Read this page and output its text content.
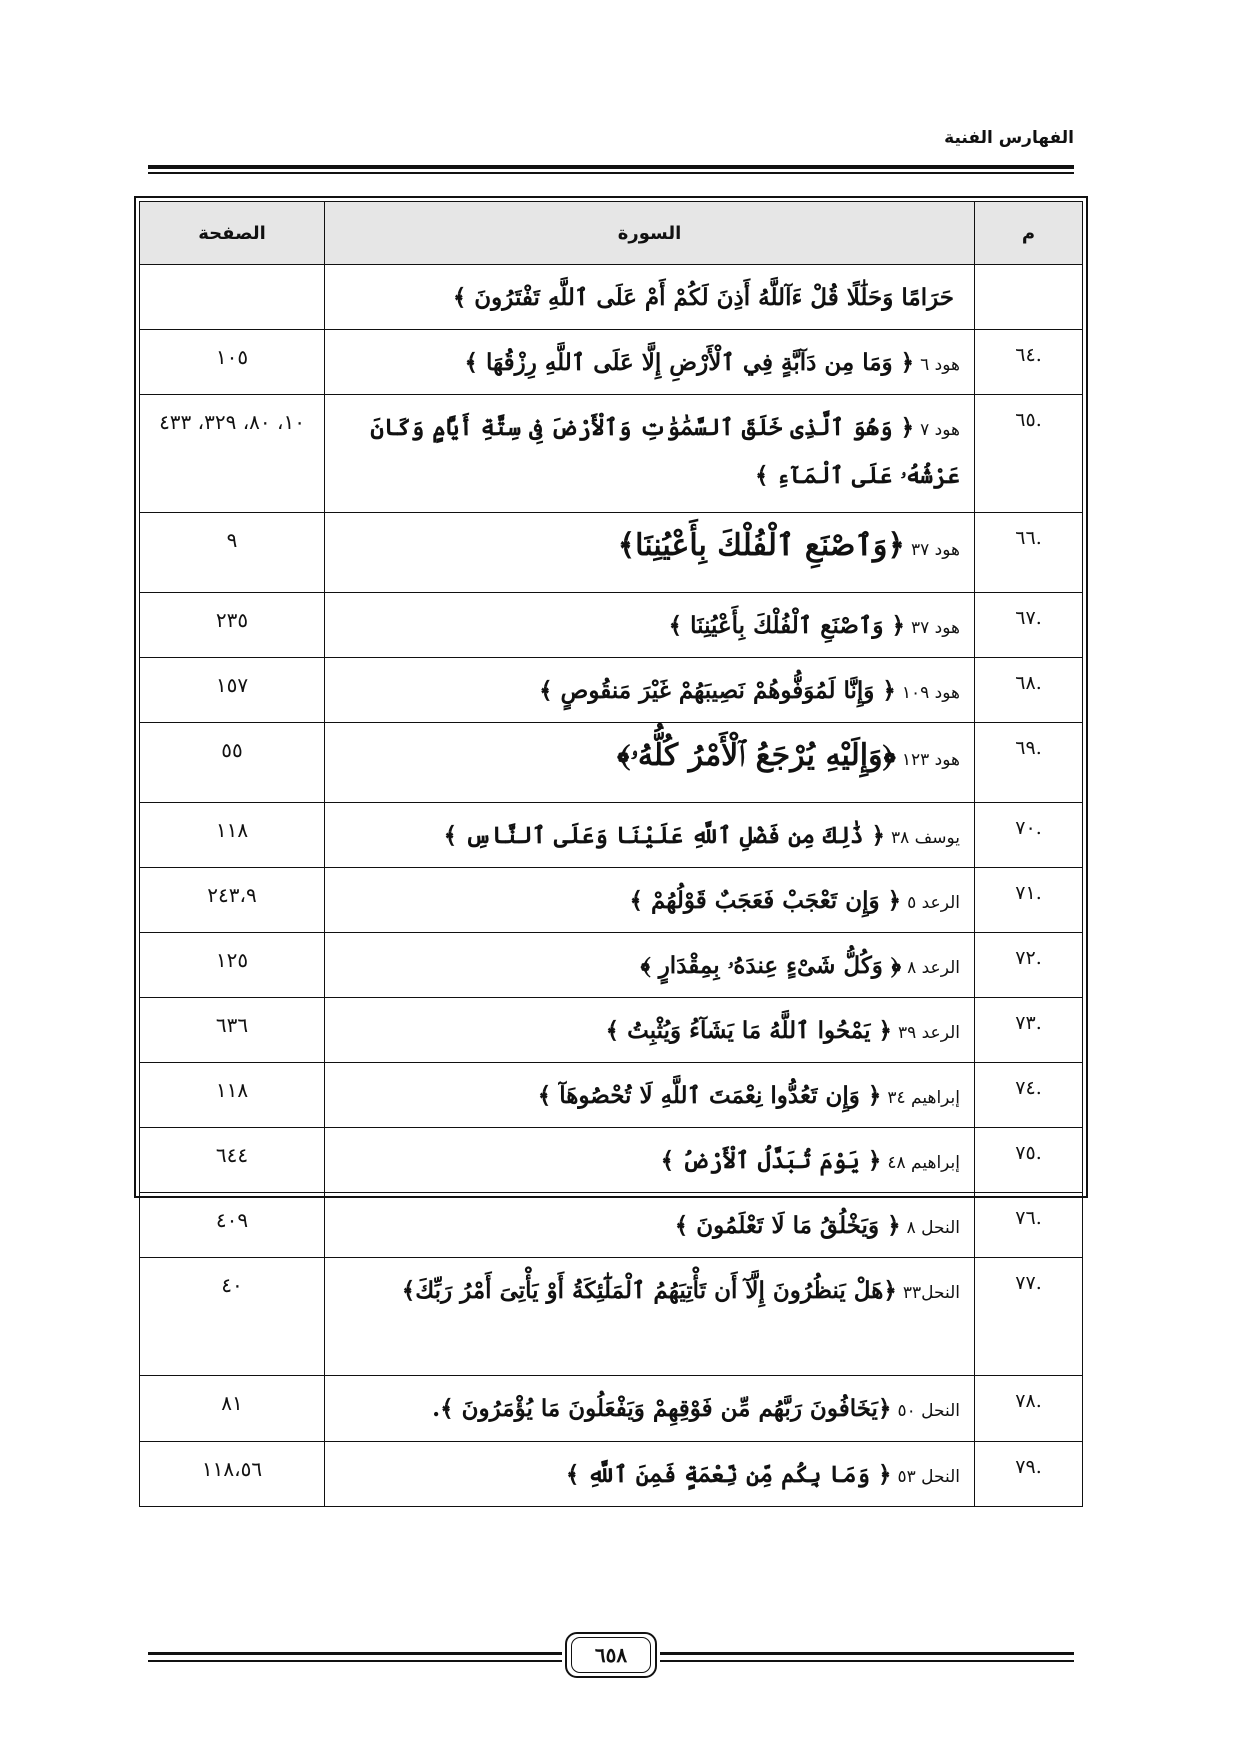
الفهارس الفنية
م	السورة	الصفحة
	حَرَامًا وَحَلَٰلًا قُلْ ءَآللَّهُ أَذِنَ لَكُمْ أَمْ عَلَى ٱللَّهِ تَفْتَرُونَ ﴾	
.٦٤	هود ٦﴿ وَمَا مِن دَآبَّةٍ فِي ٱلْأَرْضِ إِلَّا عَلَى ٱللَّهِ رِزْقُهَا ﴾	١٠٥
.٦٥	هود ٧﴿ وَهُوَ ٱلَّذِى خَلَقَ ٱلسَّمَٰوَٰتِ وَٱلْأَرْضَ فِى سِتَّةِ أَيَّامٍ وَكَانَ عَرْشُهُۥ عَلَى ٱلْمَآءِ ﴾	١٠، ٨٠، ٣٢٩، ٤٣٣
.٦٦	هود ٣٧﴿وَٱصْنَعِ ٱلْفُلْكَ بِأَعْيُنِنَا﴾	٩
.٦٧	هود ٣٧﴿ وَٱصْنَعِ ٱلْفُلْكَ بِأَعْيُنِنَا ﴾	٢٣٥
.٦٨	هود ١٠٩﴿ وَإِنَّا لَمُوَفُّوهُمْ نَصِيبَهُمْ غَيْرَ مَنقُوصٍ ﴾	١٥٧
.٦٩	هود ١٢٣﴿وَإِلَيْهِ يُرْجَعُ ٱلْأَمْرُ كُلُّهُۥ﴾	٥٥
.٧٠	يوسف ٣٨﴿ ذَٰلِكَ مِن فَضْلِ ٱللَّهِ عَلَيْنَا وَعَلَى ٱلنَّاسِ ﴾	١١٨
.٧١	الرعد ٥﴿ وَإِن تَعْجَبْ فَعَجَبٌ قَوْلُهُمْ ﴾	٢٤٣،٩
.٧٢	الرعد ٨﴿ وَكُلُّ شَىْءٍ عِندَهُۥ بِمِقْدَارٍ ﴾	١٢٥
.٧٣	الرعد ٣٩﴿ يَمْحُوا ٱللَّهُ مَا يَشَآءُ وَيُثْبِتُ ﴾	٦٣٦
.٧٤	إبراهيم ٣٤﴿ وَإِن تَعُدُّوا نِعْمَتَ ٱللَّهِ لَا تُحْصُوهَآ ﴾	١١٨
.٧٥	إبراهيم ٤٨﴿ يَوْمَ تُبَدَّلُ ٱلْأَرْضُ ﴾	٦٤٤
.٧٦	النحل ٨﴿ وَيَخْلُقُ مَا لَا تَعْلَمُونَ ﴾	٤٠٩
.٧٧	النحل٣٣﴿هَلْ يَنظُرُونَ إِلَّآ أَن تَأْتِيَهُمُ ٱلْمَلَٰٓئِكَةُ أَوْ يَأْتِىَ أَمْرُ رَبِّكَ﴾	٤٠
.٧٨	النحل ٥٠﴿يَخَافُونَ رَبَّهُم مِّن فَوْقِهِمْ وَيَفْعَلُونَ مَا يُؤْمَرُونَ ﴾.	٨١
.٧٩	النحل ٥٣﴿ وَمَا بِكُم مِّن نِّعْمَةٍ فَمِنَ ٱللَّهِ ﴾	١١٨،٥٦
٦٥٨
